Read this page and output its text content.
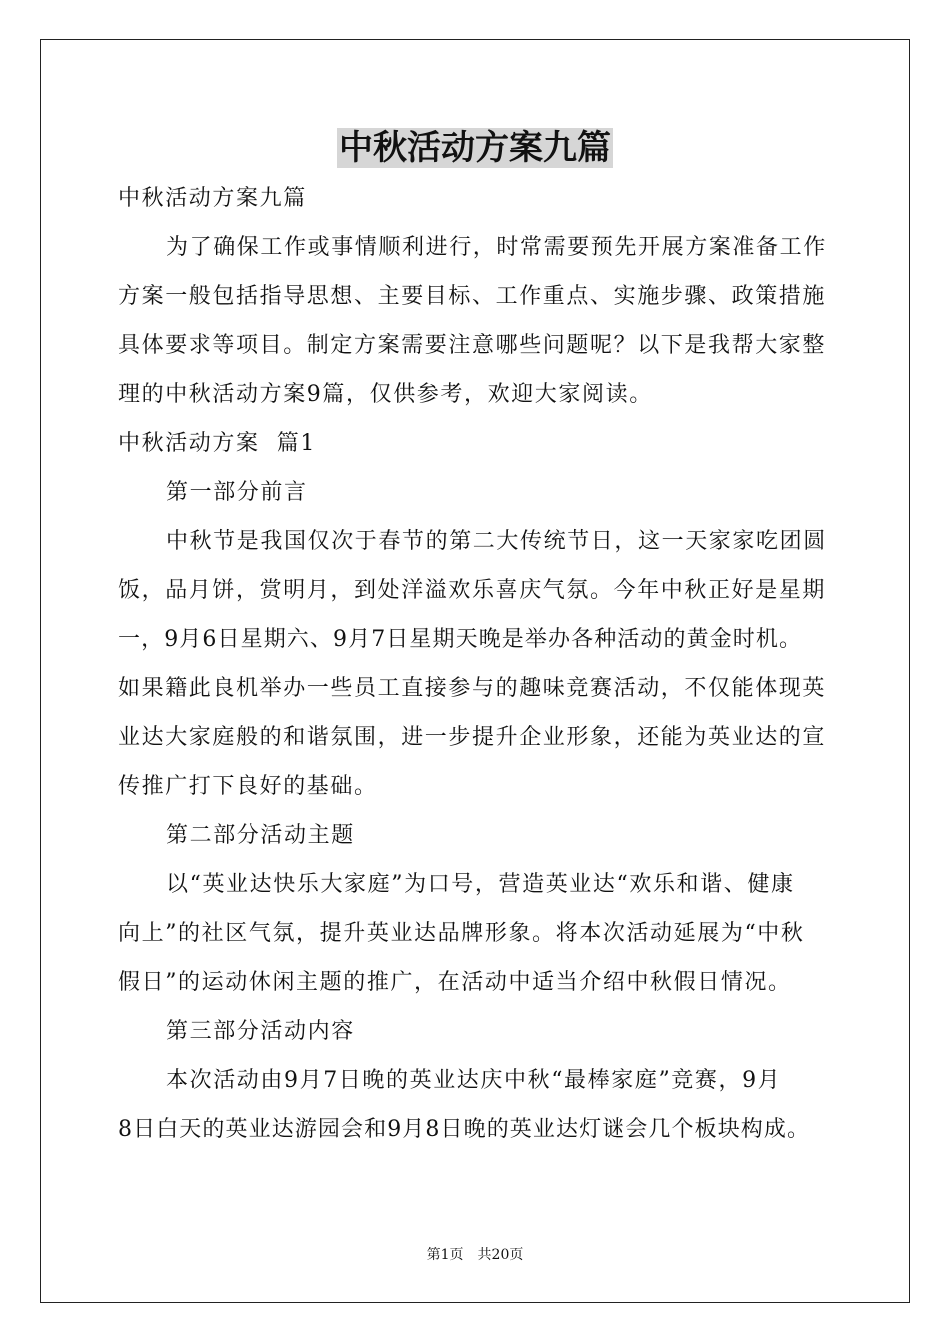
中秋活动方案九篇
中秋活动方案九篇
为了确保工作或事情顺利进行，时常需要预先开展方案准备工作
方案一般包括指导思想、主要目标、工作重点、实施步骤、政策措施
具体要求等项目。制定方案需要注意哪些问题呢？以下是我帮大家整
理的中秋活动方案9篇，仅供参考，欢迎大家阅读。
中秋活动方案  篇1
第一部分前言
中秋节是我国仅次于春节的第二大传统节日，这一天家家吃团圆
饭，品月饼，赏明月，到处洋溢欢乐喜庆气氛。今年中秋正好是星期
一，9月6日星期六、9月7日星期天晚是举办各种活动的黄金时机。
如果籍此良机举办一些员工直接参与的趣味竞赛活动，不仅能体现英
业达大家庭般的和谐氛围，进一步提升企业形象，还能为英业达的宣
传推广打下良好的基础。
第二部分活动主题
以“英业达快乐大家庭”为口号，营造英业达“欢乐和谐、健康
向上”的社区气氛，提升英业达品牌形象。将本次活动延展为“中秋
假日”的运动休闲主题的推广，在活动中适当介绍中秋假日情况。
第三部分活动内容
本次活动由9月7日晚的英业达庆中秋“最棒家庭”竞赛，9月
8日白天的英业达游园会和9月8日晚的英业达灯谜会几个板块构成。
第1页 共20页
